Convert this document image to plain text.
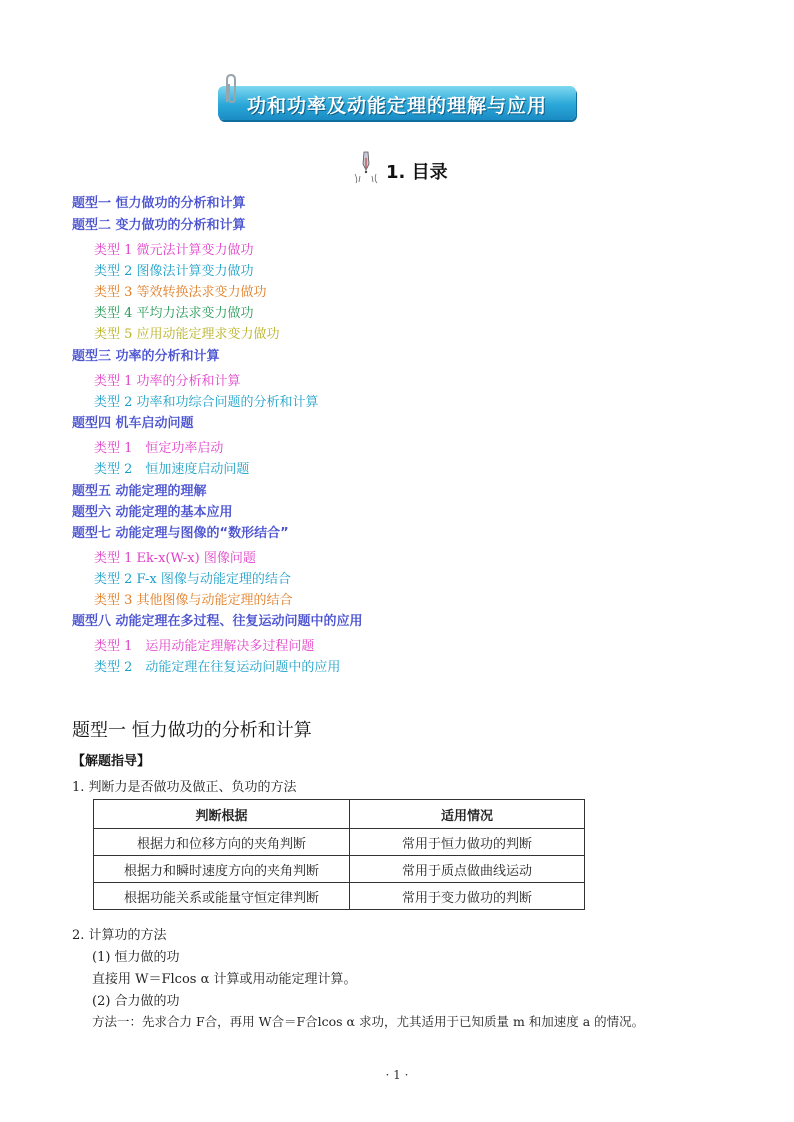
功和功率及动能定理的理解与应用
1. 目录
题型一 恒力做功的分析和计算
题型二 变力做功的分析和计算
类型 1 微元法计算变力做功
类型 2 图像法计算变力做功
类型 3 等效转换法求变力做功
类型 4 平均力法求变力做功
类型 5 应用动能定理求变力做功
题型三 功率的分析和计算
类型 1 功率的分析和计算
类型 2 功率和功综合问题的分析和计算
题型四 机车启动问题
类型 1　恒定功率启动
类型 2　恒加速度启动问题
题型五 动能定理的理解
题型六 动能定理的基本应用
题型七 动能定理与图像的“数形结合”
类型 1 Ek-x(W-x) 图像问题
类型 2 F-x 图像与动能定理的结合
类型 3 其他图像与动能定理的结合
题型八 动能定理在多过程、往复运动问题中的应用
类型 1　运用动能定理解决多过程问题
类型 2　动能定理在往复运动问题中的应用
题型一 恒力做功的分析和计算
【解题指导】
1. 判断力是否做功及做正、负功的方法
判断根据	适用情况
根据力和位移方向的夹角判断	常用于恒力做功的判断
根据力和瞬时速度方向的夹角判断	常用于质点做曲线运动
根据功能关系或能量守恒定律判断	常用于变力做功的判断
2. 计算功的方法
(1) 恒力做的功
直接用 W＝Flcos α 计算或用动能定理计算。
(2) 合力做的功
方法一：先求合力 F合，再用 W合＝F合lcos α 求功，尤其适用于已知质量 m 和加速度 a 的情况。
· 1 ·
